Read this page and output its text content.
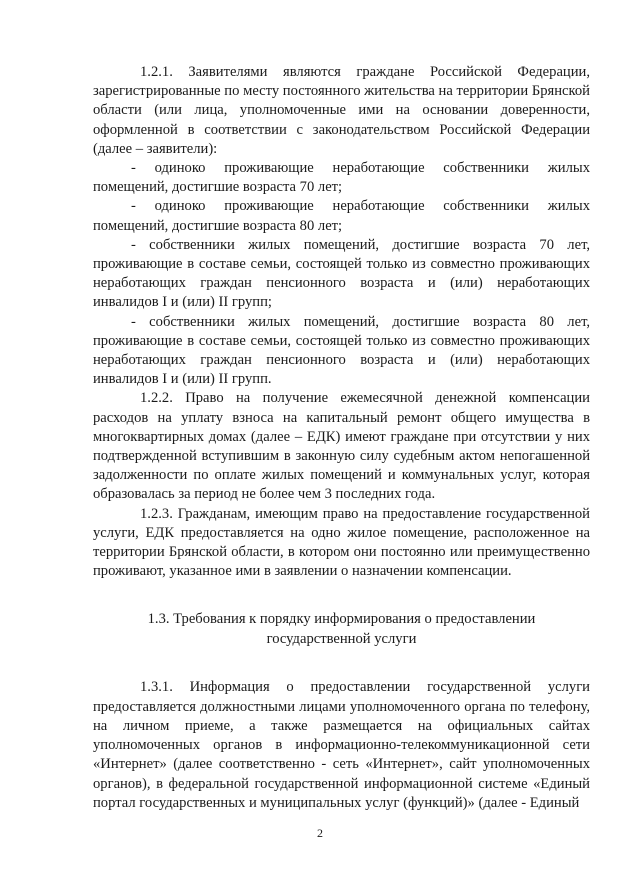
1.2.1. Заявителями являются граждане Российской Федерации, зарегистрированные по месту постоянного жительства на территории Брянской области (или лица, уполномоченные ими на основании доверенности, оформленной в соответствии с законодательством Российской Федерации (далее – заявители):

- одиноко проживающие неработающие собственники жилых помещений, достигшие возраста 70 лет;

- одиноко проживающие неработающие собственники жилых помещений, достигшие возраста 80 лет;

- собственники жилых помещений, достигшие возраста 70 лет, проживающие в составе семьи, состоящей только из совместно проживающих неработающих граждан пенсионного возраста и (или) неработающих инвалидов I и (или) II групп;

- собственники жилых помещений, достигшие возраста 80 лет, проживающие в составе семьи, состоящей только из совместно проживающих неработающих граждан пенсионного возраста и (или) неработающих инвалидов I и (или) II групп.

1.2.2. Право на получение ежемесячной денежной компенсации расходов на уплату взноса на капитальный ремонт общего имущества в многоквартирных домах (далее – ЕДК) имеют граждане при отсутствии у них подтвержденной вступившим в законную силу судебным актом непогашенной задолженности по оплате жилых помещений и коммунальных услуг, которая образовалась за период не более чем 3 последних года.

1.2.3. Гражданам, имеющим право на предоставление государственной услуги, ЕДК предоставляется на одно жилое помещение, расположенное на территории Брянской области, в котором они постоянно или преимущественно проживают, указанное ими в заявлении о назначении компенсации.

1.3. Требования к порядку информирования о предоставлении
государственной услуги

1.3.1. Информация о предоставлении государственной услуги предоставляется должностными лицами уполномоченного органа по телефону, на личном приеме, а также размещается на официальных сайтах уполномоченных органов в информационно-телекоммуникационной сети «Интернет» (далее соответственно - сеть «Интернет», сайт уполномоченных органов), в федеральной государственной информационной системе «Единый портал государственных и муниципальных услуг (функций)» (далее - Единый

2
